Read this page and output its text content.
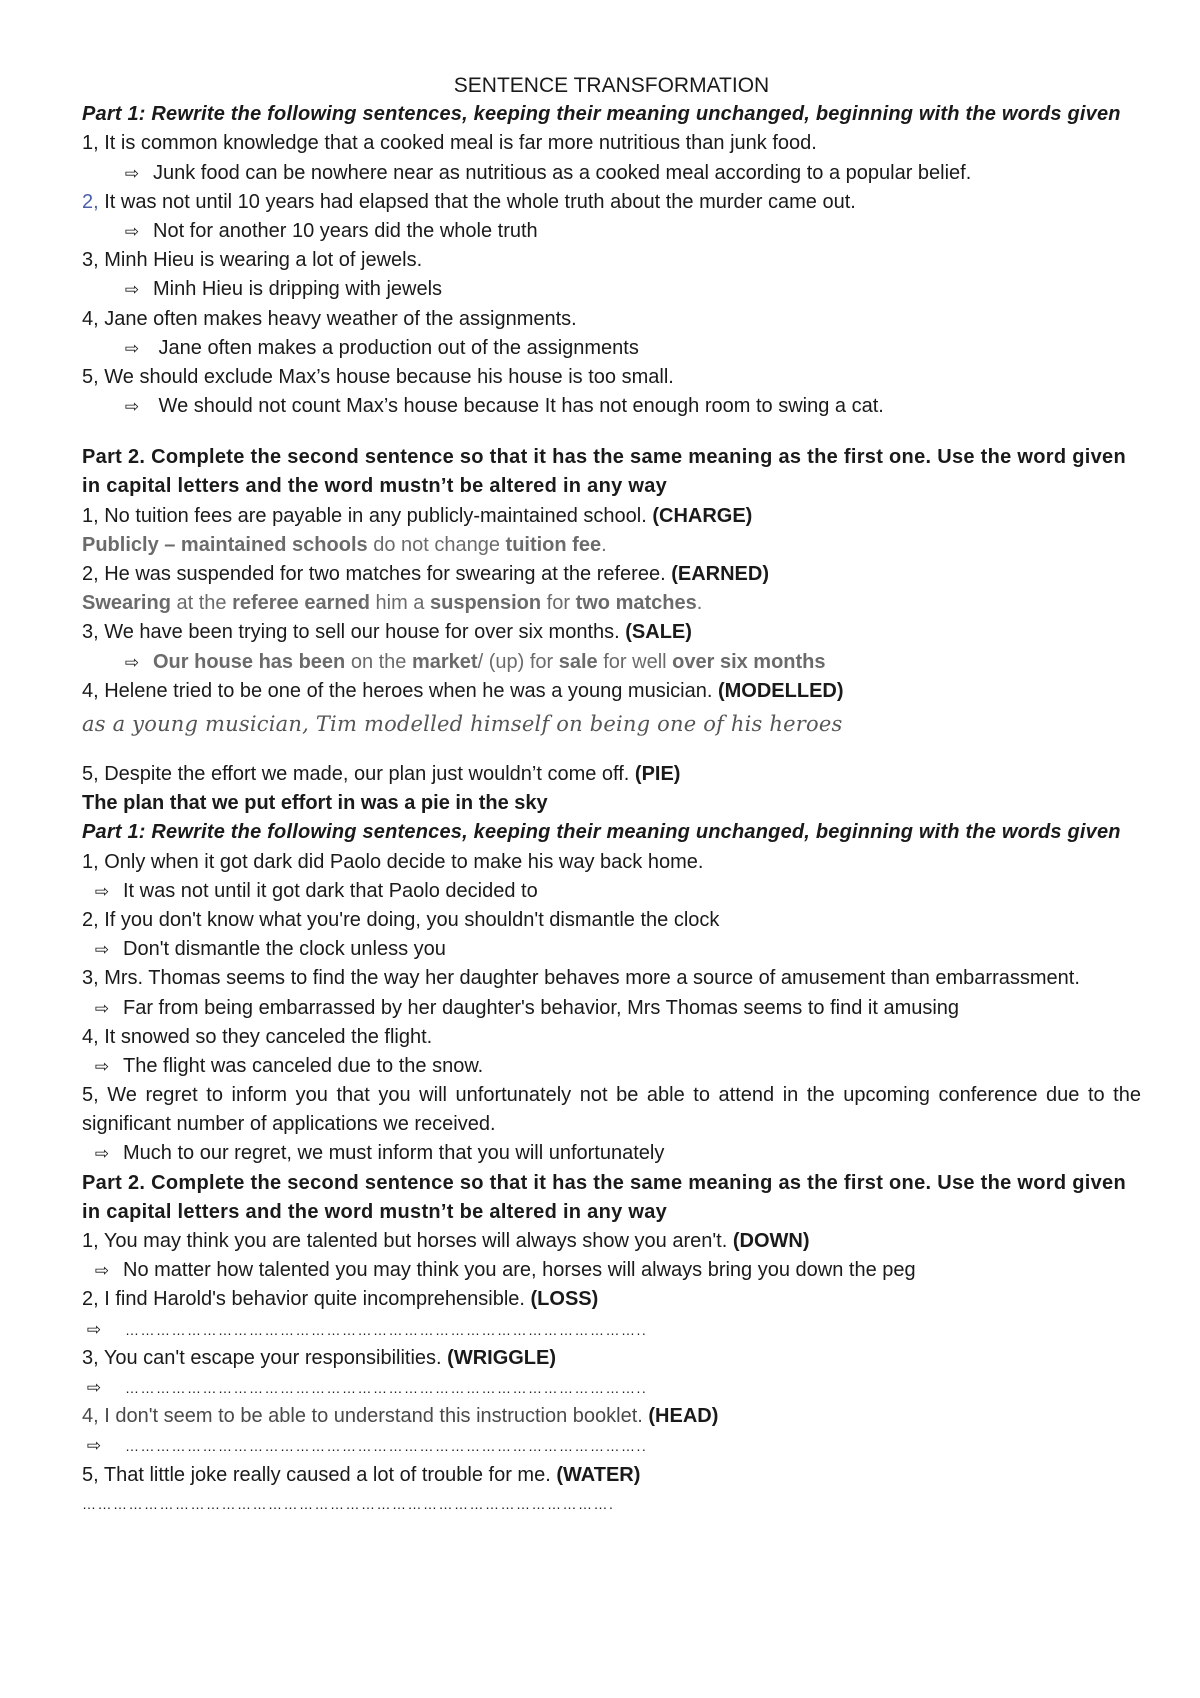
SENTENCE TRANSFORMATION
Part 1: Rewrite the following sentences, keeping their meaning unchanged, beginning with the words given
1, It is common knowledge that a cooked meal is far more nutritious than junk food.
⇨ Junk food can be nowhere near as nutritious as a cooked meal according to a popular belief.
2, It was not until 10 years had elapsed that the whole truth about the murder came out.
⇨ Not for another 10 years did the whole truth
3, Minh Hieu is wearing a lot of jewels.
⇨ Minh Hieu is dripping with jewels
4, Jane often makes heavy weather of the assignments.
⇨ Jane often makes a production out of the assignments
5, We should exclude Max’s house because his house is too small.
⇨ We should not count Max’s house because It has not enough room to swing a cat.
Part 2. Complete the second sentence so that it has the same meaning as the first one. Use the word given in capital letters and the word mustn’t be altered in any way
1, No tuition fees are payable in any publicly-maintained school. (CHARGE)
Publicly – maintained schools do not change tuition fee.
2, He was suspended for two matches for swearing at the referee. (EARNED)
Swearing at the referee earned him a suspension for two matches.
3, We have been trying to sell our house for over six months. (SALE)
⇨ Our house has been on the market/ (up) for sale for well over six months
4, Helene tried to be one of the heroes when he was a young musician. (MODELLED)
as a young musician, Tim modelled himself on being one of his heroes
5, Despite the effort we made, our plan just wouldn’t come off. (PIE)
The plan that we put effort in was a pie in the sky
Part 1: Rewrite the following sentences, keeping their meaning unchanged, beginning with the words given
1, Only when it got dark did Paolo decide to make his way back home.
⇨ It was not until it got dark that Paolo decided to
2, If you don't know what you're doing, you shouldn't dismantle the clock
⇨ Don't dismantle the clock unless you
3, Mrs. Thomas seems to find the way her daughter behaves more a source of amusement than embarrassment.
⇨ Far from being embarrassed by her daughter's behavior, Mrs Thomas seems to find it amusing
4, It snowed so they canceled the flight.
⇨ The flight was canceled due to the snow.
5, We regret to inform you that you will unfortunately not be able to attend in the upcoming conference due to the significant number of applications we received.
⇨ Much to our regret, we must inform that you will unfortunately
Part 2. Complete the second sentence so that it has the same meaning as the first one. Use the word given in capital letters and the word mustn’t be altered in any way
1, You may think you are talented but horses will always show you aren't. (DOWN)
⇨ No matter how talented you may think you are, horses will always bring you down the peg
2, I find Harold's behavior quite incomprehensible. (LOSS)
⇨ ………………………………………………………………………………………..
3, You can't escape your responsibilities. (WRIGGLE)
⇨ ………………………………………………………………………………………..
4, I don't seem to be able to understand this instruction booklet. (HEAD)
⇨ ………………………………………………………………………………………..
5, That little joke really caused a lot of trouble for me. (WATER)
………………………………………………………………………………………….
